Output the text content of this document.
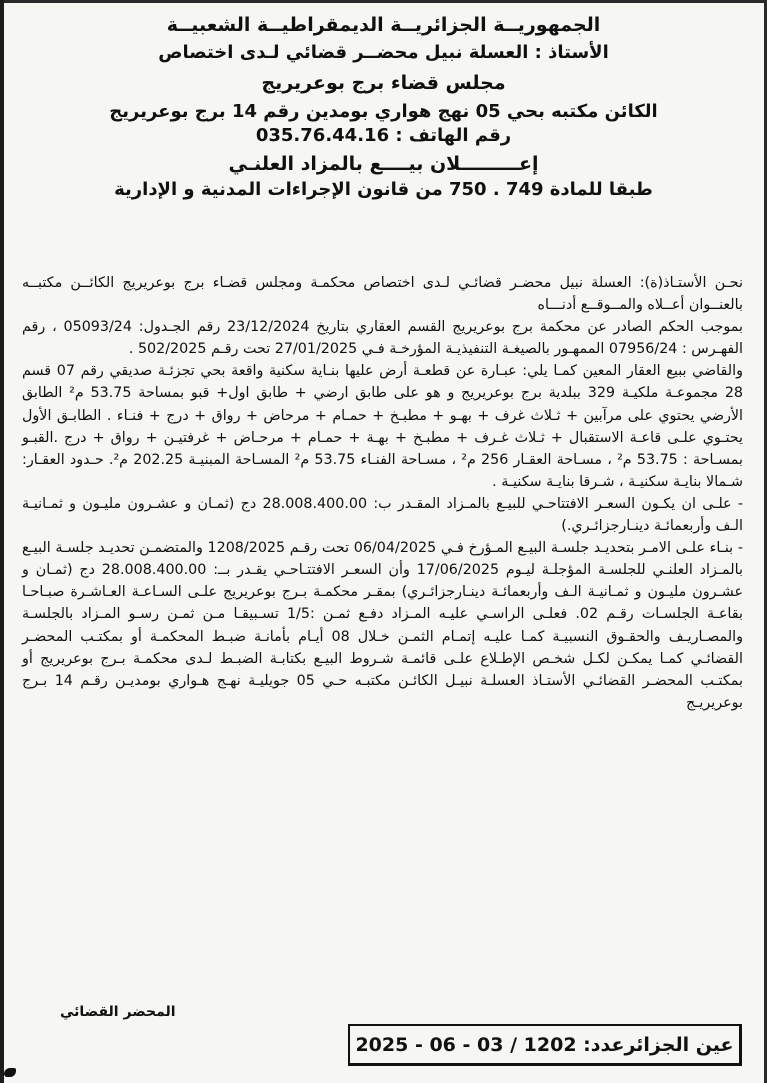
الجمهوريــة الجزائريــة الديمقراطيــة الشعبيــة

الأستاذ : العسلة نبيل محضــر قضائي لـدى اختصاص

مجلس قضاء برج بوعريريج

الكائن مكتبه بحي 05 نهج هواري بومدين رقم 14 برج بوعريريج

رقم الهاتف : 035.76.44.16

إعـــــــــلان بيــــع بالمزاد العلنـي

طبقا للمادة 749 . 750 من قانون الإجراءات المدنية و الإدارية

نحـن الأستـاذ(ة): العسلة نبيل محضـر قضائـي لـدى اختصاص محكمـة ومجلس قضـاء برج بوعريريج الكائــن مكتبــه بالعنــوان أعــلاه والمــوقــع أدنـــاه

بموجب الحكم الصادر عن محكمة برج بوعريريج القسم العقاري بتاريخ 23/12/2024 رقم الجـدول: 05093/24 ، رقم الفهـرس : 07956/24 الممهـور بالصيغـة التنفيذيـة المؤرخـة فـي 27/01/2025 تحت رقـم 502/2025 .

والقاضي ببيع العقار المعين كمـا يلي: عبـارة عن قطعـة أرض عليها بنـاية سكنية واقعة بحي تجزئـة صديقي رقم 07 قسم 28 مجموعـة ملكيـة 329 ببلدية برج بوعريريج و هو على طابق ارضي + طابق اول+ قبو بمساحة 53.75 م² الطابق الأرضي يحتوي على مرآبين + ثـلاث غرف + بهـو + مطبـخ + حمـام + مرحاض + رواق + درج + فنـاء . الطابـق الأول يحتـوي علـى قاعـة الاستقبال + ثـلاث غـرف + مطبـخ + بهـة + حمـام + مرحـاض + غرفتيـن + رواق + درج .القبـو بمسـاحة : 53.75 م² ، مسـاحة العقـار 256 م² ، مسـاحة الفنـاء 53.75 م² المسـاحة المبنيـة 202.25 م². حـدود العقـار: شـمالا بنايـة سكنيـة ، شـرقا بنايـة سكنيـة .

- علـى ان يكـون السعـر الافتتاحـي للبيـع بالمـزاد المقـدر ب: 28.008.400.00 دج (ثمـان و عشـرون مليـون و ثمـانيـة الـف وأربعمائـة دينـارجزائـري.)

- بنـاء علـى الامـر بتحديـد جلسـة البيـع المـؤرخ فـي 06/04/2025 تحت رقـم 1208/2025 والمتضمـن تحديـد جلسـة البيـع بالمـزاد العلنـي للجلسـة المؤجلـة ليـوم 17/06/2025 وأن السعـر الافتتـاحـي يقـدر بــ: 28.008.400.00 دج (ثمـان و عشـرون مليـون و ثمـانيـة الـف وأربعمائـة دينـارجزائـري) بمقـر محكمـة بـرج بوعريريج علـى السـاعـة العـاشـرة صبـاحـا بقاعـة الجلسـات رقـم 02. فعلـى الراسـي عليـه المـزاد دفـع ثمـن :1/5 تسـبيقـا مـن ثمـن رسـو المـزاد بالجلسـة والمصـاريـف والحقـوق النسبيـة كمـا عليـه إتمـام الثمـن خـلال 08 أيـام بأمانـة ضبـط المحكمـة أو بمكتـب المحضـر القضائـي كمـا يمكـن لكـل شخـص الإطـلاع علـى قائمـة شـروط البيـع بكتابـة الضبـط لـدى محكمـة بـرج بوعريريج أو بمكتـب المحضـر القضائـي الأستـاذ العسلـة نبيـل الكائـن مكتبـه حـي 05 جويليـة نهـج هـواري بومديـن رقـم 14 بـرج بوعريريـج

المحضر القضائي
عين الجزائرعدد: 1202 / 03 - 06 - 2025
